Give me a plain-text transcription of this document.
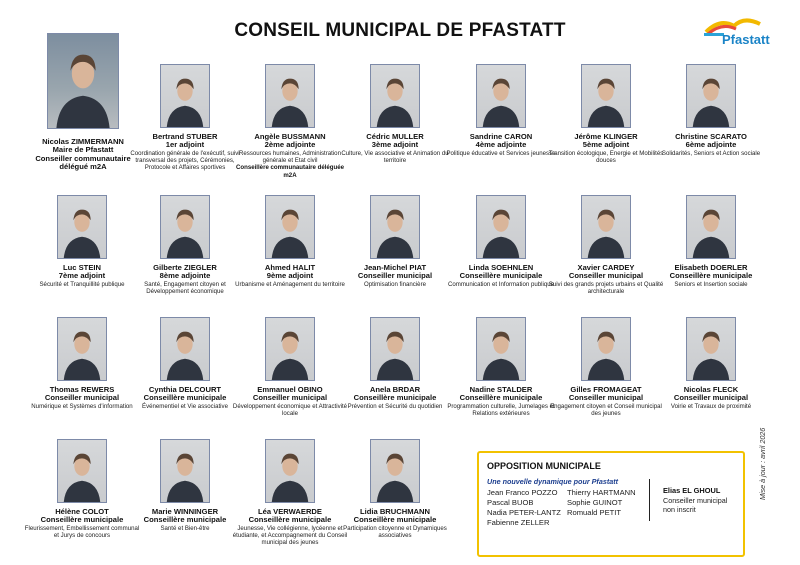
CONSEIL MUNICIPAL DE PFASTATT	Pfastatt
Nicolas ZIMMERMANN
Maire de Pfastatt
Conseiller communautaire délégué m2A
Bertrand STUBER
1er adjoint
Coordination générale de l'exécutif, suivi transversal des projets, Cérémonies, Protocole et Affaires sportives
Angèle BUSSMANN
2ème adjointe
Ressources humaines, Administration générale et Etat civil
Conseillère communautaire déléguée m2A
Cédric MULLER
3ème adjoint
Culture, Vie associative et Animation du territoire
Sandrine CARON
4ème adjointe
Politique éducative et Services jeunesse
Jérôme KLINGER
5ème adjoint
Transition écologique, Energie et Mobilités douces
Christine SCARATO
6ème adjointe
Solidarités, Seniors et Action sociale
Luc STEIN
7ème adjoint
Sécurité et Tranquillité publique
Gilberte ZIEGLER
8ème adjointe
Santé, Engagement citoyen et Développement économique
Ahmed HALIT
9ème adjoint
Urbanisme et Aménagement du territoire
Jean-Michel PIAT
Conseiller municipal
Optimisation financière
Linda SOEHNLEN
Conseillère municipale
Communication et Information publique
Xavier CARDEY
Conseiller municipal
Suivi des grands projets urbains et Qualité architecturale
Elisabeth DOERLER
Conseillère municipale
Seniors et Insertion sociale
Thomas REWERS
Conseiller municipal
Numérique et Systèmes d'information
Cynthia DELCOURT
Conseillère municipale
Événementiel et Vie associative
Emmanuel OBINO
Conseiller municipal
Développement économique et Attractivité locale
Anela BRDAR
Conseillère municipale
Prévention et Sécurité du quotidien
Nadine STALDER
Conseillère municipale
Programmation culturelle, Jumelages et Relations extérieures
Gilles FROMAGEAT
Conseiller municipal
Engagement citoyen et Conseil municipal des jeunes
Nicolas FLECK
Conseiller municipal
Voirie et Travaux de proximité
Hélène COLOT
Conseillère municipale
Fleurissement, Embellissement communal et Jurys de concours
Marie WINNINGER
Conseillère municipale
Santé et Bien-être
Léa VERWAERDE
Conseillère municipale
Jeunesse, Vie collégienne, lycéenne et étudiante, et Accompagnement du Conseil municipal des jeunes
Lidia BRUCHMANN
Conseillère municipale
Participation citoyenne et Dynamiques associatives
OPPOSITION MUNICIPALE
Une nouvelle dynamique pour Pfastatt
Jean Franco POZZO
Pascal BUOB
Nadia PETER-LANTZ
Fabienne ZELLER
Thierry HARTMANN
Sophie GUINOT
Romuald PETIT
Elias EL GHOUL
Conseiller municipal
non inscrit
Mise à jour : avril 2026
